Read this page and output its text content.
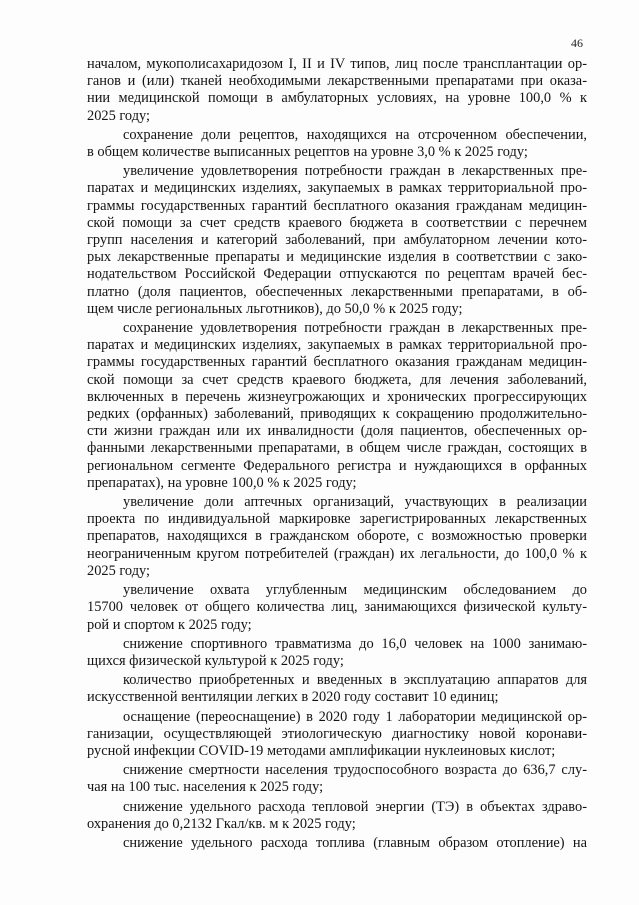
46
началом, мукополисахаридозом I, II и IV типов, лиц после трансплантации ор-
ганов и (или) тканей необходимыми лекарственными препаратами при оказа-
нии медицинской помощи в амбулаторных условиях, на уровне 100,0 % к
2025 году;
сохранение доли рецептов, находящихся на отсроченном обеспечении,
в общем количестве выписанных рецептов на уровне 3,0 % к 2025 году;
увеличение удовлетворения потребности граждан в лекарственных пре-
паратах и медицинских изделиях, закупаемых в рамках территориальной про-
граммы государственных гарантий бесплатного оказания гражданам медицин-
ской помощи за счет средств краевого бюджета в соответствии с перечнем
групп населения и категорий заболеваний, при амбулаторном лечении кото-
рых лекарственные препараты и медицинские изделия в соответствии с зако-
нодательством Российской Федерации отпускаются по рецептам врачей бес-
платно (доля пациентов, обеспеченных лекарственными препаратами, в об-
щем числе региональных льготников), до 50,0 % к 2025 году;
сохранение удовлетворения потребности граждан в лекарственных пре-
паратах и медицинских изделиях, закупаемых в рамках территориальной про-
граммы государственных гарантий бесплатного оказания гражданам медицин-
ской помощи за счет средств краевого бюджета, для лечения заболеваний,
включенных в перечень жизнеугрожающих и хронических прогрессирующих
редких (орфанных) заболеваний, приводящих к сокращению продолжительно-
сти жизни граждан или их инвалидности (доля пациентов, обеспеченных ор-
фанными лекарственными препаратами, в общем числе граждан, состоящих в
региональном сегменте Федерального регистра и нуждающихся в орфанных
препаратах), на уровне 100,0 % к 2025 году;
увеличение доли аптечных организаций, участвующих в реализации
проекта по индивидуальной маркировке зарегистрированных лекарственных
препаратов, находящихся в гражданском обороте, с возможностью проверки
неограниченным кругом потребителей (граждан) их легальности, до 100,0 % к
2025 году;
увеличение охвата углубленным медицинским обследованием до
15700 человек от общего количества лиц, занимающихся физической культу-
рой и спортом к 2025 году;
снижение спортивного травматизма до 16,0 человек на 1000 занимаю-
щихся физической культурой к 2025 году;
количество приобретенных и введенных в эксплуатацию аппаратов для
искусственной вентиляции легких в 2020 году составит 10 единиц;
оснащение (переоснащение) в 2020 году 1 лаборатории медицинской ор-
ганизации, осуществляющей этиологическую диагностику новой коронави-
русной инфекции COVID-19 методами амплификации нуклеиновых кислот;
снижение смертности населения трудоспособного возраста до 636,7 слу-
чая на 100 тыс. населения к 2025 году;
снижение удельного расхода тепловой энергии (ТЭ) в объектах здраво-
охранения до 0,2132 Гкал/кв. м к 2025 году;
снижение удельного расхода топлива (главным образом отопление) на
